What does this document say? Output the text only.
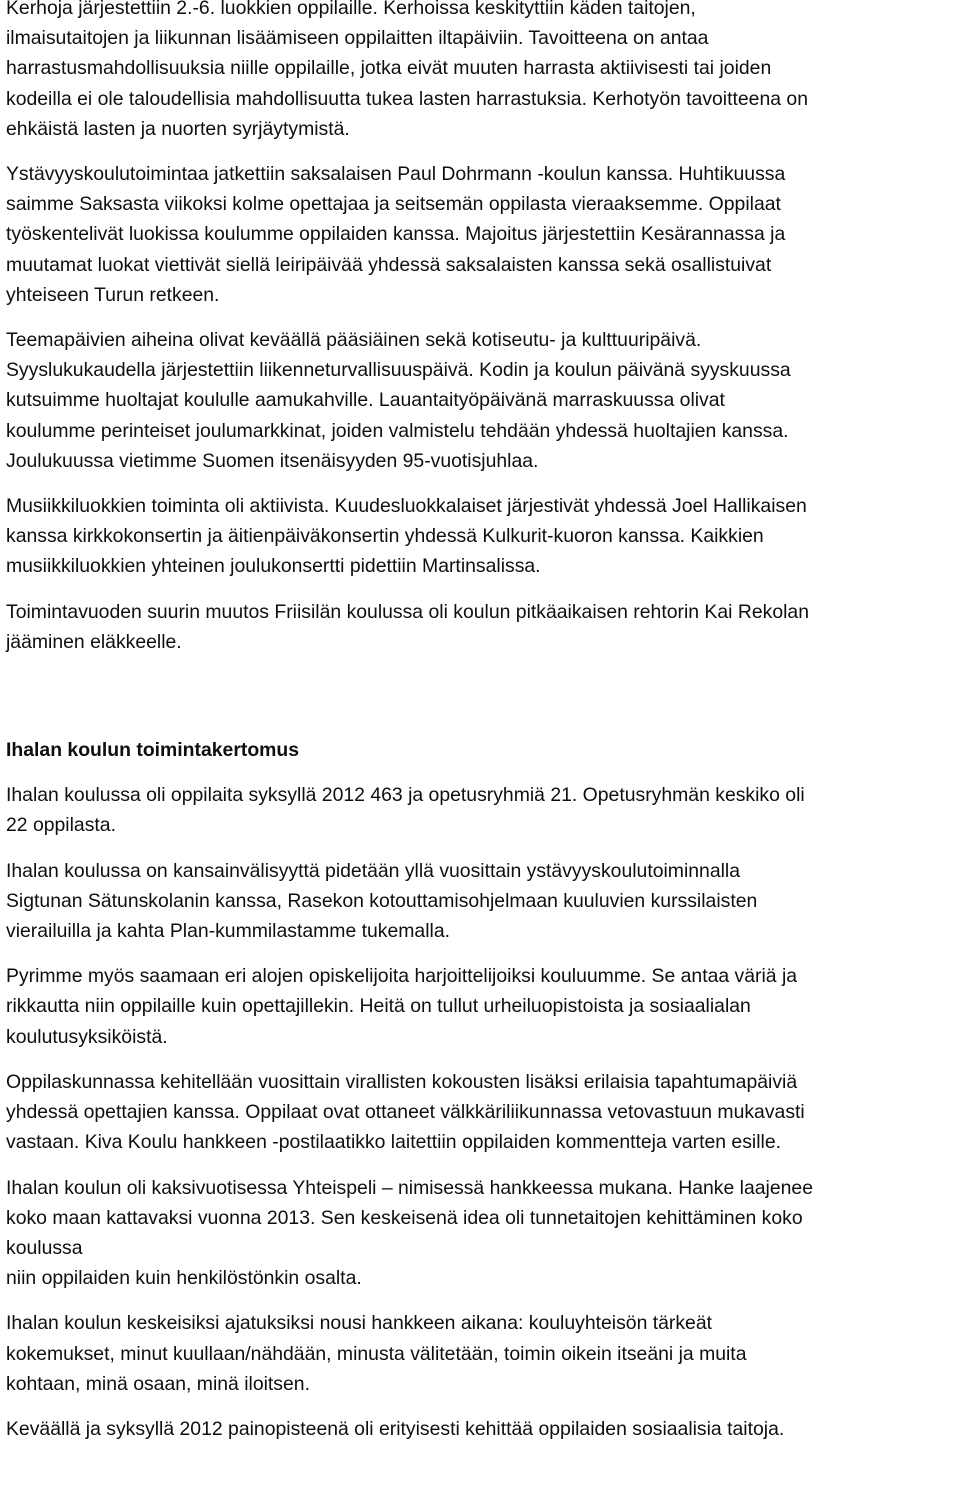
Kerhoja järjestettiin 2.-6. luokkien oppilaille. Kerhoissa keskityttiin käden taitojen,
ilmaisutaitojen ja liikunnan lisäämiseen oppilaitten iltapäiviin. Tavoitteena on antaa
harrastusmahdollisuuksia niille oppilaille, jotka eivät muuten harrasta aktiivisesti tai joiden
kodeilla ei ole taloudellisia mahdollisuutta tukea lasten harrastuksia. Kerhotyön tavoitteena on
ehkäistä lasten ja nuorten syrjäytymistä.

Ystävyyskoulutoimintaa jatkettiin saksalaisen Paul Dohrmann -koulun kanssa. Huhtikuussa
saimme Saksasta viikoksi kolme opettajaa ja seitsemän oppilasta vieraaksemme. Oppilaat
työskentelivät luokissa koulumme oppilaiden kanssa. Majoitus järjestettiin Kesärannassa ja
muutamat luokat viettivät siellä leiripäivää yhdessä saksalaisten kanssa sekä osallistuivat
yhteiseen Turun retkeen.

Teemapäivien aiheina olivat keväällä pääsiäinen sekä kotiseutu- ja kulttuuripäivä.
Syyslukukaudella järjestettiin liikenneturvallisuuspäivä. Kodin ja koulun päivänä syyskuussa
kutsuimme huoltajat koululle aamukahville. Lauantaityöpäivänä marraskuussa olivat
koulumme perinteiset joulumarkkinat, joiden valmistelu tehdään yhdessä huoltajien kanssa.
Joulukuussa vietimme Suomen itsenäisyyden 95-vuotisjuhlaa.

Musiikkiluokkien toiminta oli aktiivista. Kuudesluokkalaiset järjestivät yhdessä Joel Hallikaisen
kanssa kirkkokonsertin ja äitienpäiväkonsertin yhdessä Kulkurit-kuoron kanssa. Kaikkien
musiikkiluokkien yhteinen joulukonsertti pidettiin Martinsalissa.

Toimintavuoden suurin muutos Friisilän koulussa oli koulun pitkäaikaisen rehtorin Kai Rekolan
jääminen eläkkeelle.

Ihalan koulun toimintakertomus

Ihalan koulussa oli oppilaita syksyllä 2012 463 ja opetusryhmiä 21. Opetusryhmän keskiko oli
22 oppilasta.

Ihalan koulussa on kansainvälisyyttä pidetään yllä vuosittain ystävyyskoulutoiminnalla
Sigtunan Sätunskolanin kanssa, Rasekon kotouttamisohjelmaan kuuluvien kurssilaisten
vierailuilla ja kahta Plan-kummilastamme tukemalla.

Pyrimme myös saamaan eri alojen opiskelijoita harjoittelijoiksi kouluumme. Se antaa väriä ja
rikkautta niin oppilaille kuin opettajillekin. Heitä on tullut urheiluopistoista ja sosiaalialan
koulutusyksiköistä.

Oppilaskunnassa kehitellään vuosittain virallisten kokousten lisäksi erilaisia tapahtumapäiviä
yhdessä opettajien kanssa. Oppilaat ovat ottaneet välkkäriliikunnassa vetovastuun mukavasti
vastaan. Kiva Koulu hankkeen -postilaatikko laitettiin oppilaiden kommentteja varten esille.

Ihalan koulun oli kaksivuotisessa Yhteispeli – nimisessä hankkeessa mukana. Hanke laajenee
koko maan kattavaksi vuonna 2013. Sen keskeisenä idea oli tunnetaitojen kehittäminen koko
koulussa
niin oppilaiden kuin henkilöstönkin osalta.

Ihalan koulun keskeisiksi ajatuksiksi nousi hankkeen aikana: kouluyhteisön tärkeät
kokemukset, minut kuullaan/nähdään, minusta välitetään, toimin oikein itseäni ja muita
kohtaan, minä osaan, minä iloitsen.

Keväällä ja syksyllä 2012 painopisteenä oli erityisesti kehittää oppilaiden sosiaalisia taitoja.
